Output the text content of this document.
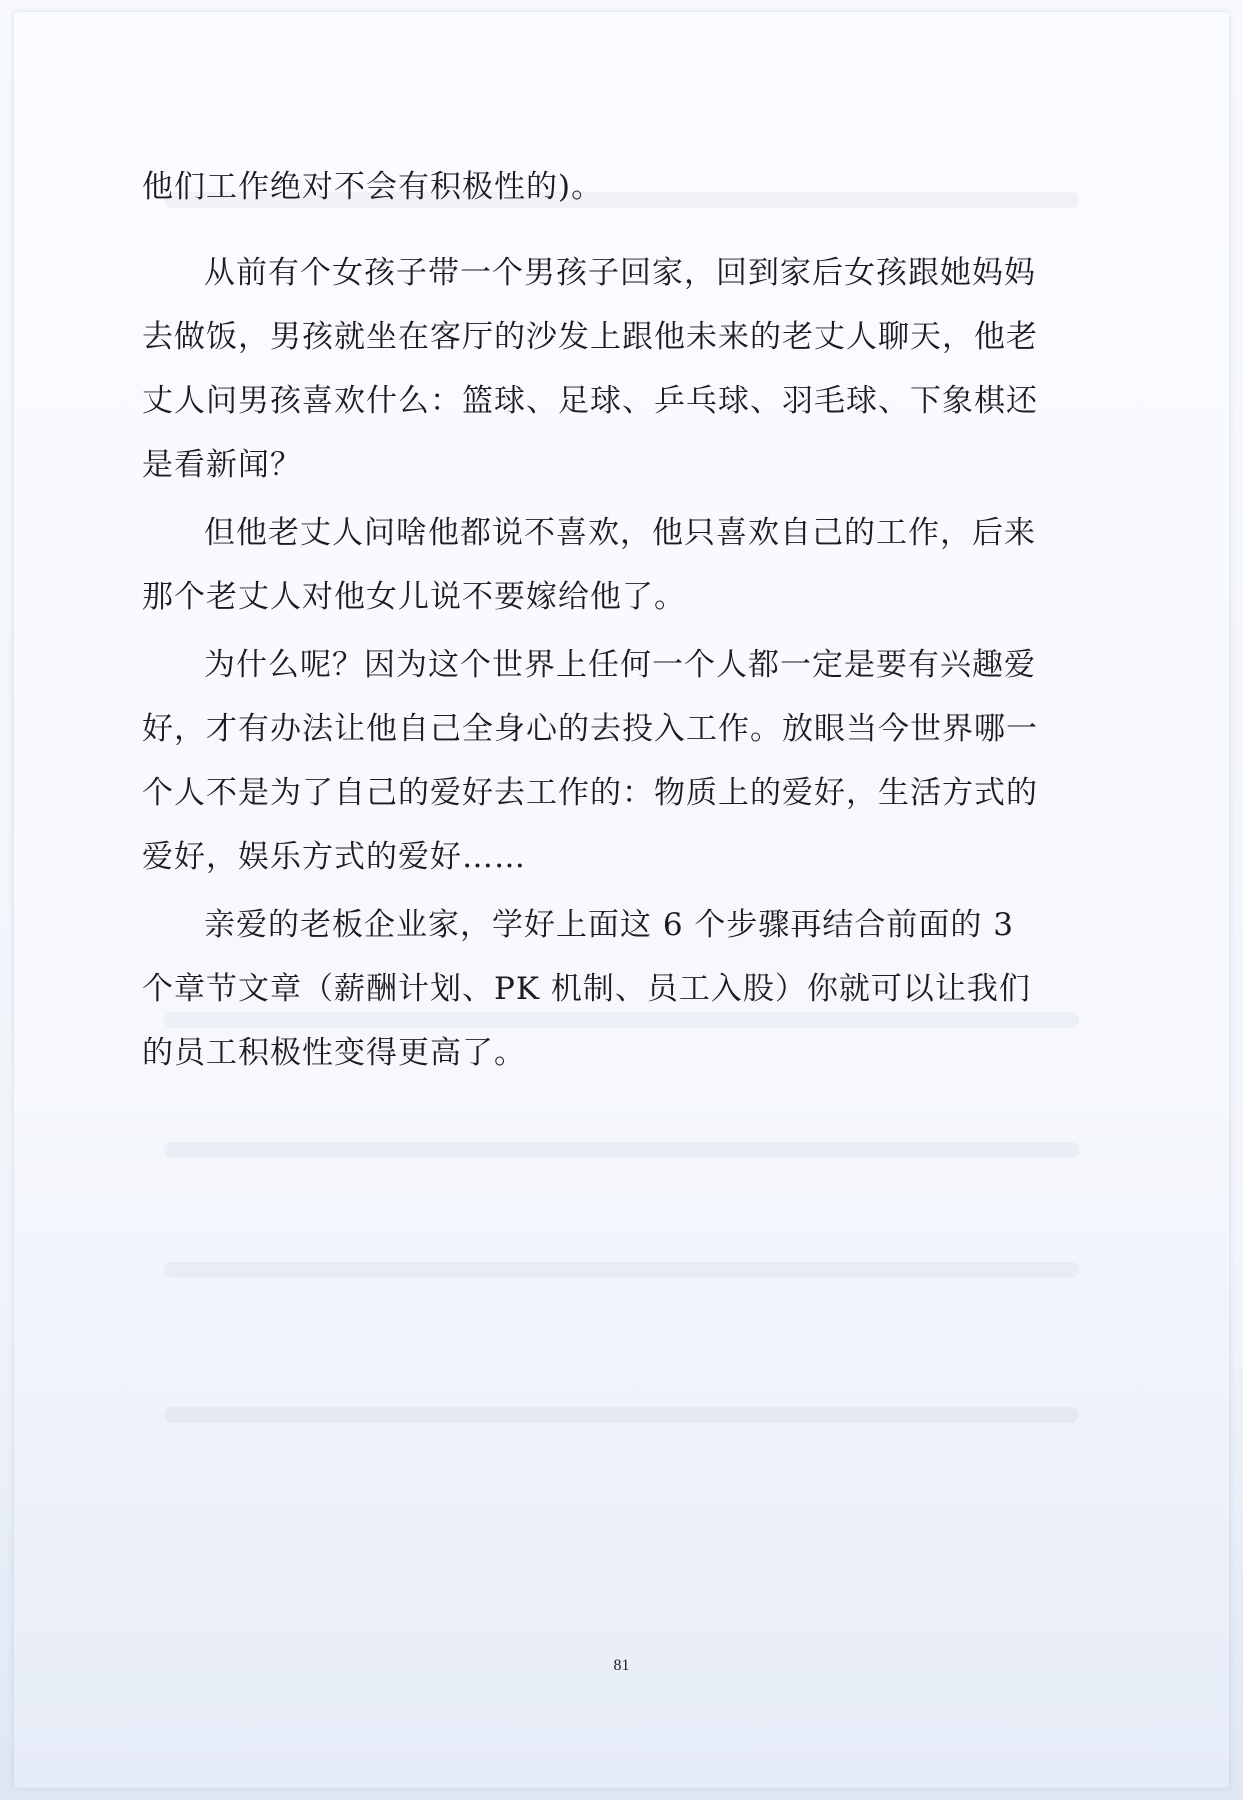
他们工作绝对不会有积极性的)。

从前有个女孩子带一个男孩子回家，回到家后女孩跟她妈妈去做饭，男孩就坐在客厅的沙发上跟他未来的老丈人聊天，他老丈人问男孩喜欢什么：篮球、足球、乒乓球、羽毛球、下象棋还是看新闻？

但他老丈人问啥他都说不喜欢，他只喜欢自己的工作，后来那个老丈人对他女儿说不要嫁给他了。

为什么呢？因为这个世界上任何一个人都一定是要有兴趣爱好，才有办法让他自己全身心的去投入工作。放眼当今世界哪一个人不是为了自己的爱好去工作的：物质上的爱好，生活方式的爱好，娱乐方式的爱好……

亲爱的老板企业家，学好上面这 6 个步骤再结合前面的 3 个章节文章（薪酬计划、PK 机制、员工入股）你就可以让我们的员工积极性变得更高了。

81
